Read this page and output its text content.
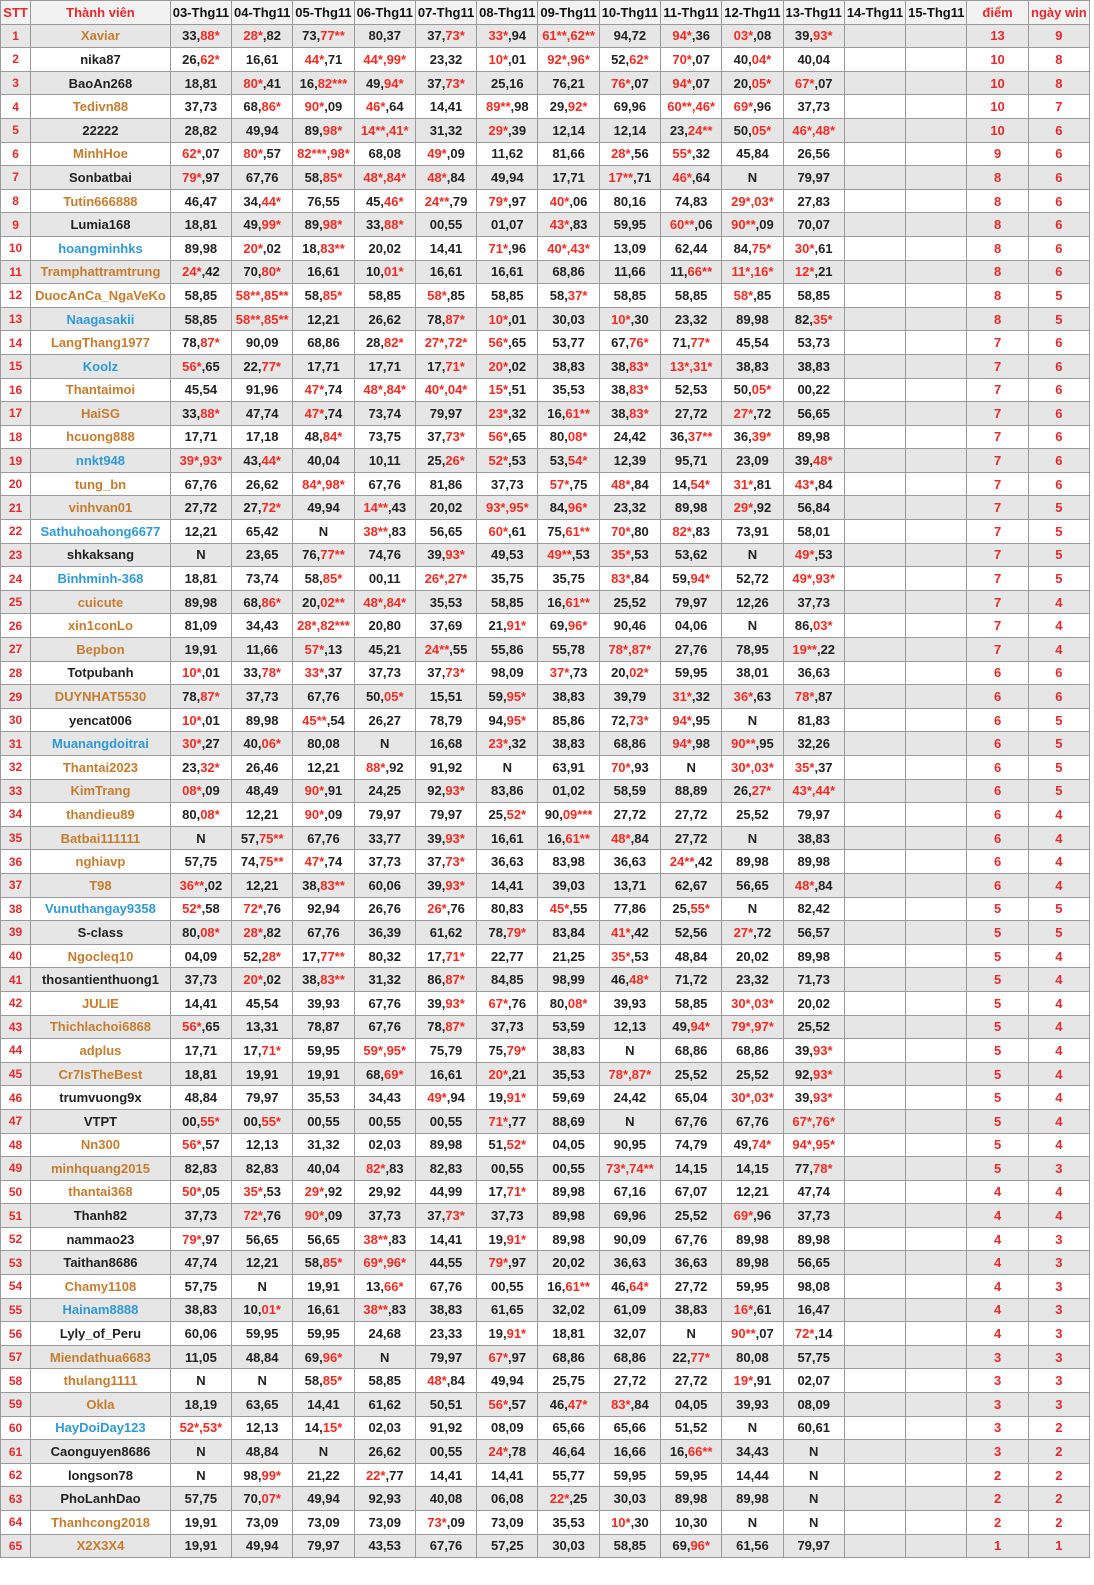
STT	Thành viên	03-Thg11	04-Thg11	05-Thg11	06-Thg11	07-Thg11	08-Thg11	09-Thg11	10-Thg11	11-Thg11	12-Thg11	13-Thg11	14-Thg11	15-Thg11	điểm	ngày win
1	Xaviar	33,88*	28*,82	73,77**	80,37	37,73*	33*,94	61**,62**	94,72	94*,36	03*,08	39,93*			13	9
2	nika87	26,62*	16,61	44*,71	44*,99*	23,32	10*,01	92*,96*	52,62*	70*,07	40,04*	40,04			10	8
3	BaoAn268	18,81	80*,41	16,82***	49,94*	37,73*	25,16	76,21	76*,07	94*,07	20,05*	67*,07			10	8
4	Tedivn88	37,73	68,86*	90*,09	46*,64	14,41	89**,98	29,92*	69,96	60**,46*	69*,96	37,73			10	7
5	22222	28,82	49,94	89,98*	14**,41*	31,32	29*,39	12,14	12,14	23,24**	50,05*	46*,48*			10	6
6	MinhHoe	62*,07	80*,57	82***,98*	68,08	49*,09	11,62	81,66	28*,56	55*,32	45,84	26,56			9	6
7	Sonbatbai	79*,97	67,76	58,85*	48*,84*	48*,84	49,94	17,71	17**,71	46*,64	N	79,97			8	6
8	Tutin666888	46,47	34,44*	76,55	45,46*	24**,79	79*,97	40*,06	80,16	74,83	29*,03*	27,83			8	6
9	Lumia168	18,81	49,99*	89,98*	33,88*	00,55	01,07	43*,83	59,95	60**,06	90**,09	70,07			8	6
10	hoangminhks	89,98	20*,02	18,83**	20,02	14,41	71*,96	40*,43*	13,09	62,44	84,75*	30*,61			8	6
11	Tramphattramtrung	24*,42	70,80*	16,61	10,01*	16,61	16,61	68,86	11,66	11,66**	11*,16*	12*,21			8	6
12	DuocAnCa_NgaVeKo	58,85	58**,85**	58,85*	58,85	58*,85	58,85	58,37*	58,85	58,85	58*,85	58,85			8	5
13	Naagasakii	58,85	58**,85**	12,21	26,62	78,87*	10*,01	30,03	10*,30	23,32	89,98	82,35*			8	5
14	LangThang1977	78,87*	90,09	68,86	28,82*	27*,72*	56*,65	53,77	67,76*	71,77*	45,54	53,73			7	6
15	Koolz	56*,65	22,77*	17,71	17,71	17,71*	20*,02	38,83	38,83*	13*,31*	38,83	38,83			7	6
16	Thantaimoi	45,54	91,96	47*,74	48*,84*	40*,04*	15*,51	35,53	38,83*	52,53	50,05*	00,22			7	6
17	HaiSG	33,88*	47,74	47*,74	73,74	79,97	23*,32	16,61**	38,83*	27,72	27*,72	56,65			7	6
18	hcuong888	17,71	17,18	48,84*	73,75	37,73*	56*,65	80,08*	24,42	36,37**	36,39*	89,98			7	6
19	nnkt948	39*,93*	43,44*	40,04	10,11	25,26*	52*,53	53,54*	12,39	95,71	23,09	39,48*			7	6
20	tung_bn	67,76	26,62	84*,98*	67,76	81,86	37,73	57*,75	48*,84	14,54*	31*,81	43*,84			7	6
21	vinhvan01	27,72	27,72*	49,94	14**,43	20,02	93*,95*	84,96*	23,32	89,98	29*,92	56,84			7	5
22	Sathuhoahong6677	12,21	65,42	N	38**,83	56,65	60*,61	75,61**	70*,80	82*,83	73,91	58,01			7	5
23	shkaksang	N	23,65	76,77**	74,76	39,93*	49,53	49**,53	35*,53	53,62	N	49*,53			7	5
24	Binhminh-368	18,81	73,74	58,85*	00,11	26*,27*	35,75	35,75	83*,84	59,94*	52,72	49*,93*			7	5
25	cuicute	89,98	68,86*	20,02**	48*,84*	35,53	58,85	16,61**	25,52	79,97	12,26	37,73			7	4
26	xin1conLo	81,09	34,43	28*,82***	20,80	37,69	21,91*	69,96*	90,46	04,06	N	86,03*			7	4
27	Bepbon	19,91	11,66	57*,13	45,21	24**,55	55,86	55,78	78*,87*	27,76	78,95	19**,22			7	4
28	Totpubanh	10*,01	33,78*	33*,37	37,73	37,73*	98,09	37*,73	20,02*	59,95	38,01	36,63			6	6
29	DUYNHAT5530	78,87*	37,73	67,76	50,05*	15,51	59,95*	38,83	39,79	31*,32	36*,63	78*,87			6	6
30	yencat006	10*,01	89,98	45**,54	26,27	78,79	94,95*	85,86	72,73*	94*,95	N	81,83			6	5
31	Muanangdoitrai	30*,27	40,06*	80,08	N	16,68	23*,32	38,83	68,86	94*,98	90**,95	32,26			6	5
32	Thantai2023	23,32*	26,46	12,21	88*,92	91,92	N	63,91	70*,93	N	30*,03*	35*,37			6	5
33	KimTrang	08*,09	48,49	90*,91	24,25	92,93*	83,86	01,02	58,59	88,89	26,27*	43*,44*			6	5
34	thandieu89	80,08*	12,21	90*,09	79,97	79,97	25,52*	90,09***	27,72	27,72	25,52	79,97			6	4
35	Batbai111111	N	57,75**	67,76	33,77	39,93*	16,61	16,61**	48*,84	27,72	N	38,83			6	4
36	nghiavp	57,75	74,75**	47*,74	37,73	37,73*	36,63	83,98	36,63	24**,42	89,98	89,98			6	4
37	T98	36**,02	12,21	38,83**	60,06	39,93*	14,41	39,03	13,71	62,67	56,65	48*,84			6	4
38	Vunuthangay9358	52*,58	72*,76	92,94	26,76	26*,76	80,83	45*,55	77,86	25,55*	N	82,42			5	5
39	S-class	80,08*	28*,82	67,76	36,39	61,62	78,79*	83,84	41*,42	52,56	27*,72	56,57			5	5
40	Ngocleq10	04,09	52,28*	17,77**	80,32	17,71*	22,77	21,25	35*,53	48,84	20,02	89,98			5	4
41	thosantienthuong1	37,73	20*,02	38,83**	31,32	86,87*	84,85	98,99	46,48*	71,72	23,32	71,73			5	4
42	JULIE	14,41	45,54	39,93	67,76	39,93*	67*,76	80,08*	39,93	58,85	30*,03*	20,02			5	4
43	Thichlachoi6868	56*,65	13,31	78,87	67,76	78,87*	37,73	53,59	12,13	49,94*	79*,97*	25,52			5	4
44	adplus	17,71	17,71*	59,95	59*,95*	75,79	75,79*	38,83	N	68,86	68,86	39,93*			5	4
45	Cr7IsTheBest	18,81	19,91	19,91	68,69*	16,61	20*,21	35,53	78*,87*	25,52	25,52	92,93*			5	4
46	trumvuong9x	48,84	79,97	35,53	34,43	49*,94	19,91*	59,69	24,42	65,04	30*,03*	39,93*			5	4
47	VTPT	00,55*	00,55*	00,55	00,55	00,55	71*,77	88,69	N	67,76	67,76	67*,76*			5	4
48	Nn300	56*,57	12,13	31,32	02,03	89,98	51,52*	04,05	90,95	74,79	49,74*	94*,95*			5	4
49	minhquang2015	82,83	82,83	40,04	82*,83	82,83	00,55	00,55	73*,74**	14,15	14,15	77,78*			5	3
50	thantai368	50*,05	35*,53	29*,92	29,92	44,99	17,71*	89,98	67,16	67,07	12,21	47,74			4	4
51	Thanh82	37,73	72*,76	90*,09	37,73	37,73*	37,73	89,98	69,96	25,52	69*,96	37,73			4	4
52	nammao23	79*,97	56,65	56,65	38**,83	14,41	19,91*	89,98	90,09	67,76	89,98	89,98			4	3
53	Taithan8686	47,74	12,21	58,85*	69*,96*	44,55	79*,97	20,02	36,63	36,63	89,98	56,65			4	3
54	Chamy1108	57,75	N	19,91	13,66*	67,76	00,55	16,61**	46,64*	27,72	59,95	98,08			4	3
55	Hainam8888	38,83	10,01*	16,61	38**,83	38,83	61,65	32,02	61,09	38,83	16*,61	16,47			4	3
56	Lyly_of_Peru	60,06	59,95	59,95	24,68	23,33	19,91*	18,81	32,07	N	90**,07	72*,14			4	3
57	Miendathua6683	11,05	48,84	69,96*	N	79,97	67*,97	68,86	68,86	22,77*	80,08	57,75			3	3
58	thulang1111	N	N	58,85*	58,85	48*,84	49,94	25,75	27,72	27,72	19*,91	02,07			3	3
59	Okla	18,19	63,65	14,41	61,62	50,51	56*,57	46,47*	83*,84	04,05	39,93	08,09			3	3
60	HayDoiDay123	52*,53*	12,13	14,15*	02,03	91,92	08,09	65,66	65,66	51,52	N	60,61			3	2
61	Caonguyen8686	N	48,84	N	26,62	00,55	24*,78	46,64	16,66	16,66**	34,43	N			3	2
62	longson78	N	98,99*	21,22	22*,77	14,41	14,41	55,77	59,95	59,95	14,44	N			2	2
63	PhoLanhDao	57,75	70,07*	49,94	92,93	40,08	06,08	22*,25	30,03	89,98	89,98	N			2	2
64	Thanhcong2018	19,91	73,09	73,09	73,09	73*,09	73,09	35,53	10*,30	10,30	N	N			2	2
65	X2X3X4	19,91	49,94	79,97	43,53	67,76	57,25	30,03	58,85	69,96*	61,56	79,97			1	1
